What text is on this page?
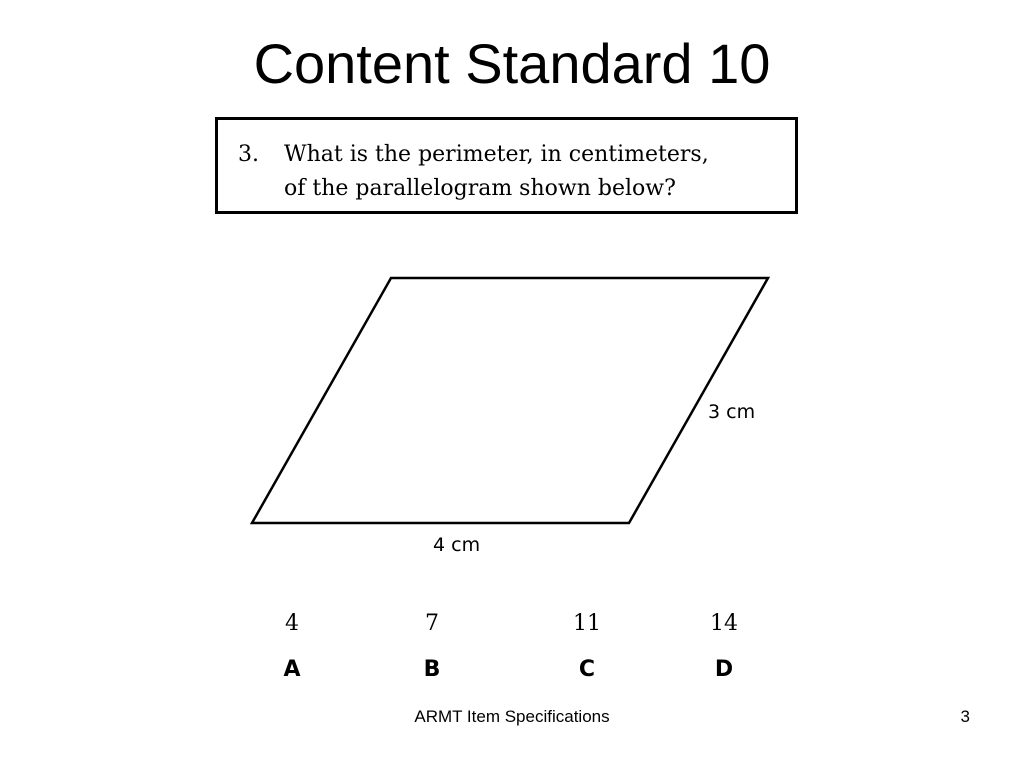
Content Standard 10
3. What is the perimeter, in centimeters,
of the parallelogram shown below?
3 cm
4 cm
4	7	11	14
A	B	C	D
ARMT Item Specifications	3
